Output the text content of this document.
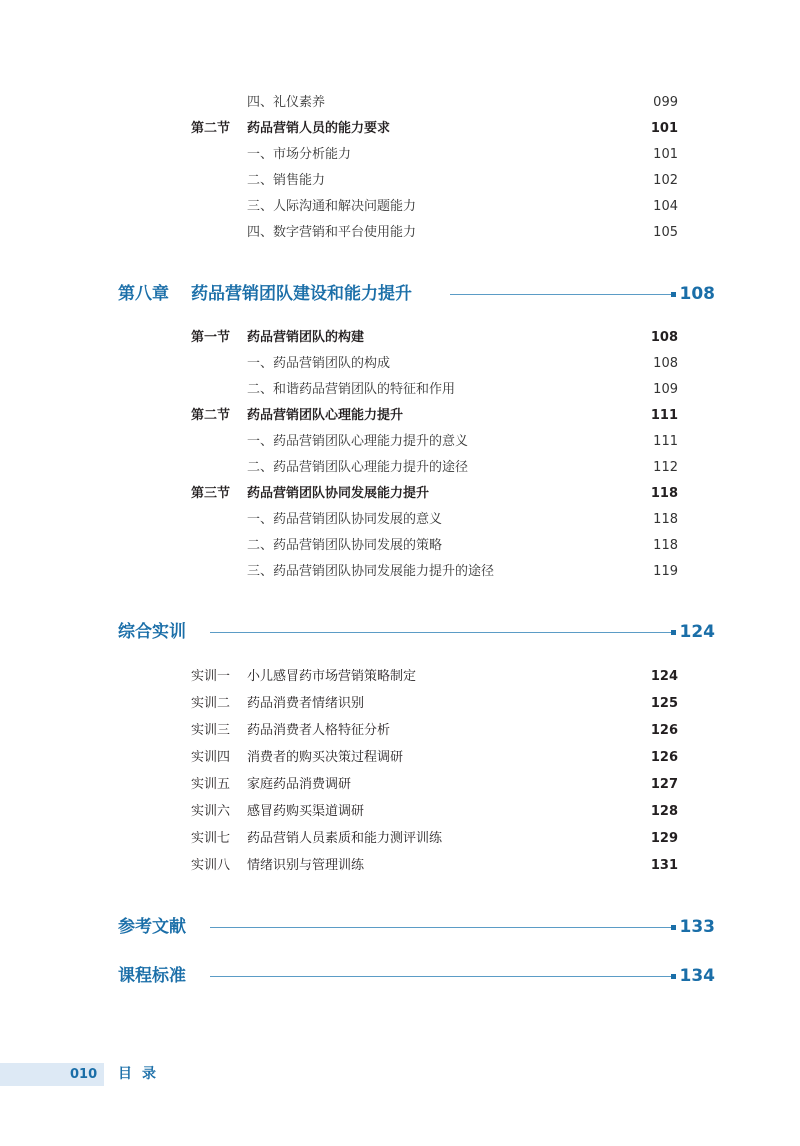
四、礼仪素养	099
第二节 药品营销人员的能力要求	101
一、市场分析能力	101
二、销售能力	102
三、人际沟通和解决问题能力	104
四、数字营销和平台使用能力	105
第八章 药品营销团队建设和能力提升	108
第一节 药品营销团队的构建	108
一、药品营销团队的构成	108
二、和谐药品营销团队的特征和作用	109
第二节 药品营销团队心理能力提升	111
一、药品营销团队心理能力提升的意义	111
二、药品营销团队心理能力提升的途径	112
第三节 药品营销团队协同发展能力提升	118
一、药品营销团队协同发展的意义	118
二、药品营销团队协同发展的策略	118
三、药品营销团队协同发展能力提升的途径	119
综合实训	124
实训一 小儿感冒药市场营销策略制定	124
实训二 药品消费者情绪识别	125
实训三 药品消费者人格特征分析	126
实训四 消费者的购买决策过程调研	126
实训五 家庭药品消费调研	127
实训六 感冒药购买渠道调研	128
实训七 药品营销人员素质和能力测评训练	129
实训八 情绪识别与管理训练	131
参考文献	133
课程标准	134
010 目录
